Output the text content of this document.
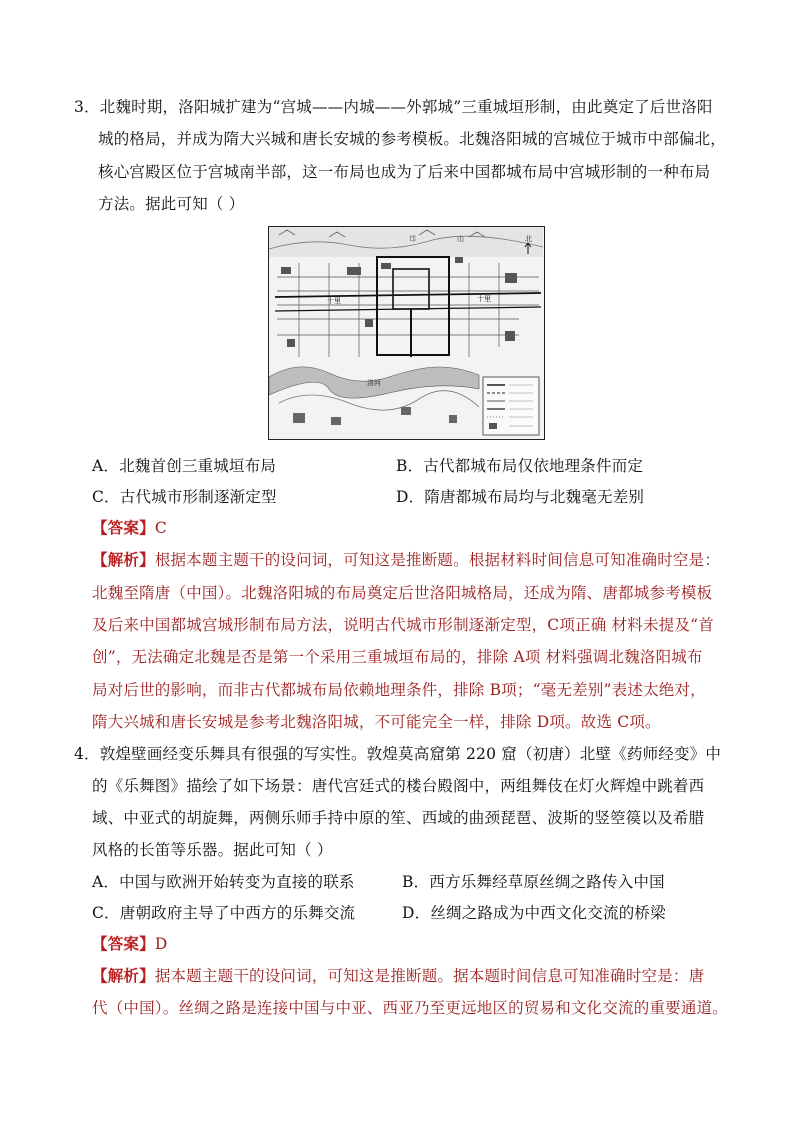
3．北魏时期，洛阳城扩建为“宫城——内城——外郭城”三重城垣形制，由此奠定了后世洛阳
城的格局，并成为隋大兴城和唐长安城的参考模板。北魏洛阳城的宫城位于城市中部偏北，
核心宫殿区位于宫城南半部，这一布局也成为了后来中国都城布局中宫城形制的一种布局
方法。据此可知（ ）
邙	山	北
十里	十里
洛河
A．北魏首创三重城垣布局	B．古代都城布局仅依地理条件而定
C．古代城市形制逐渐定型	D．隋唐都城布局均与北魏毫无差别
【答案】C
【解析】根据本题主题干的设问词，可知这是推断题。根据材料时间信息可知准确时空是：
北魏至隋唐（中国）。北魏洛阳城的布局奠定后世洛阳城格局，还成为隋、唐都城参考模板
及后来中国都城宫城形制布局方法，说明古代城市形制逐渐定型，C项正确 材料未提及“首
创”，无法确定北魏是否是第一个采用三重城垣布局的，排除 A项 材料强调北魏洛阳城布
局对后世的影响，而非古代都城布局依赖地理条件，排除 B项；“毫无差别”表述太绝对，
隋大兴城和唐长安城是参考北魏洛阳城，不可能完全一样，排除 D项。故选 C项。
4．敦煌壁画经变乐舞具有很强的写实性。敦煌莫高窟第 220 窟（初唐）北壁《药师经变》中
的《乐舞图》描绘了如下场景：唐代宫廷式的楼台殿阁中，两组舞伎在灯火辉煌中跳着西
域、中亚式的胡旋舞，两侧乐师手持中原的笙、西域的曲颈琵琶、波斯的竖箜篌以及希腊
风格的长笛等乐器。据此可知（ ）
A．中国与欧洲开始转变为直接的联系	B．西方乐舞经草原丝绸之路传入中国
C．唐朝政府主导了中西方的乐舞交流	D．丝绸之路成为中西文化交流的桥梁
【答案】D
【解析】据本题主题干的设问词，可知这是推断题。据本题时间信息可知准确时空是：唐
代（中国）。丝绸之路是连接中国与中亚、西亚乃至更远地区的贸易和文化交流的重要通道。
